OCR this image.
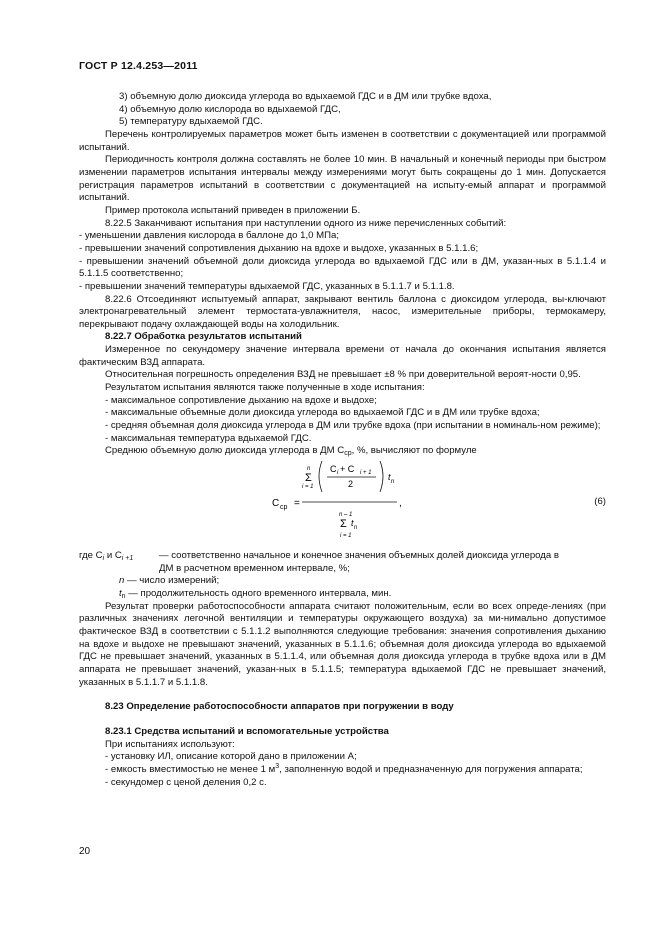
ГОСТ Р 12.4.253—2011

3) объемную долю диоксида углерода во вдыхаемой ГДС и в ДМ или трубке вдоха,

4) объемную долю кислорода во вдыхаемой ГДС,

5) температуру вдыхаемой ГДС.

Перечень контролируемых параметров может быть изменен в соответствии с документацией или программой испытаний.

Периодичность контроля должна составлять не более 10 мин. В начальный и конечный периоды при быстром изменении параметров испытания интервалы между измерениями могут быть сокращены до 1 мин. Допускается регистрация параметров испытаний в соответствии с документацией на испыту-емый аппарат и программой испытаний.

Пример протокола испытаний приведен в приложении Б.

8.22.5 Заканчивают испытания при наступлении одного из ниже перечисленных событий:

- уменьшении давления кислорода в баллоне до 1,0 МПа;

- превышении значений сопротивления дыханию на вдохе и выдохе, указанных в 5.1.1.6;

- превышении значений объемной доли диоксида углерода во вдыхаемой ГДС или в ДМ, указан-ных в 5.1.1.4 и 5.1.1.5 соответственно;

- превышении значений температуры вдыхаемой ГДС, указанных в 5.1.1.7 и 5.1.1.8.

8.22.6 Отсоединяют испытуемый аппарат, закрывают вентиль баллона с диоксидом углерода, вы-ключают электронагревательный элемент термостата-увлажнителя, насос, измерительные приборы, термокамеру, перекрывают подачу охлаждающей воды на холодильник.

8.22.7 Обработка результатов испытаний

Измеренное по секундомеру значение интервала времени от начала до окончания испытания является фактическим ВЗД аппарата.

Относительная погрешность определения ВЗД не превышает ±8 % при доверительной вероят-ности 0,95.

Результатом испытания являются также полученные в ходе испытания:

- максимальное сопротивление дыханию на вдохе и выдохе;

- максимальные объемные доли диоксида углерода во вдыхаемой ГДС и в ДМ или трубке вдоха;

- средняя объемная доля диоксида углерода в ДМ или трубке вдоха (при испытании в номиналь-ном режиме);

- максимальная температура вдыхаемой ГДС.

Среднюю объемную долю диоксида углерода в ДМ $С_{ср}$, %, вычисляют по формуле

С ср =
n
Σ
i = 1
С i + С i + 1
2
t n
n – 1
Σ t n
i = 1
,	(6)
где $С_i$ и $С_{i +1}$	— соответственно начальное и конечное значения объемных долей диоксида углерода в

ДМ в расчетном временном интервале, %;

n — число измерений;

$t_n$ — продолжительность одного временного интервала, мин.

Результат проверки работоспособности аппарата считают положительным, если во всех опреде-лениях (при различных значениях легочной вентиляции и температуры окружающего воздуха) за ми-нимально допустимое фактическое ВЗД в соответствии с 5.1.1.2 выполняются следующие требования: значения сопротивления дыханию на вдохе и выдохе не превышают значений, указанных в 5.1.1.6; объемная доля диоксида углерода во вдыхаемой ГДС не превышает значений, указанных в 5.1.1.4, или объемная доля диоксида углерода в трубке вдоха или в ДМ аппарата не превышает значений, указан-ных в 5.1.1.5; температура вдыхаемой ГДС не превышает значений, указанных в 5.1.1.7 и 5.1.1.8.

8.23 Определение работоспособности аппаратов при погружении в воду

8.23.1 Средства испытаний и вспомогательные устройства

При испытаниях используют:

- установку ИЛ, описание которой дано в приложении А;

- емкость вместимостью не менее 1 $м^3$, заполненную водой и предназначенную для погружения аппарата;

- секундомер с ценой деления 0,2 с.

20
